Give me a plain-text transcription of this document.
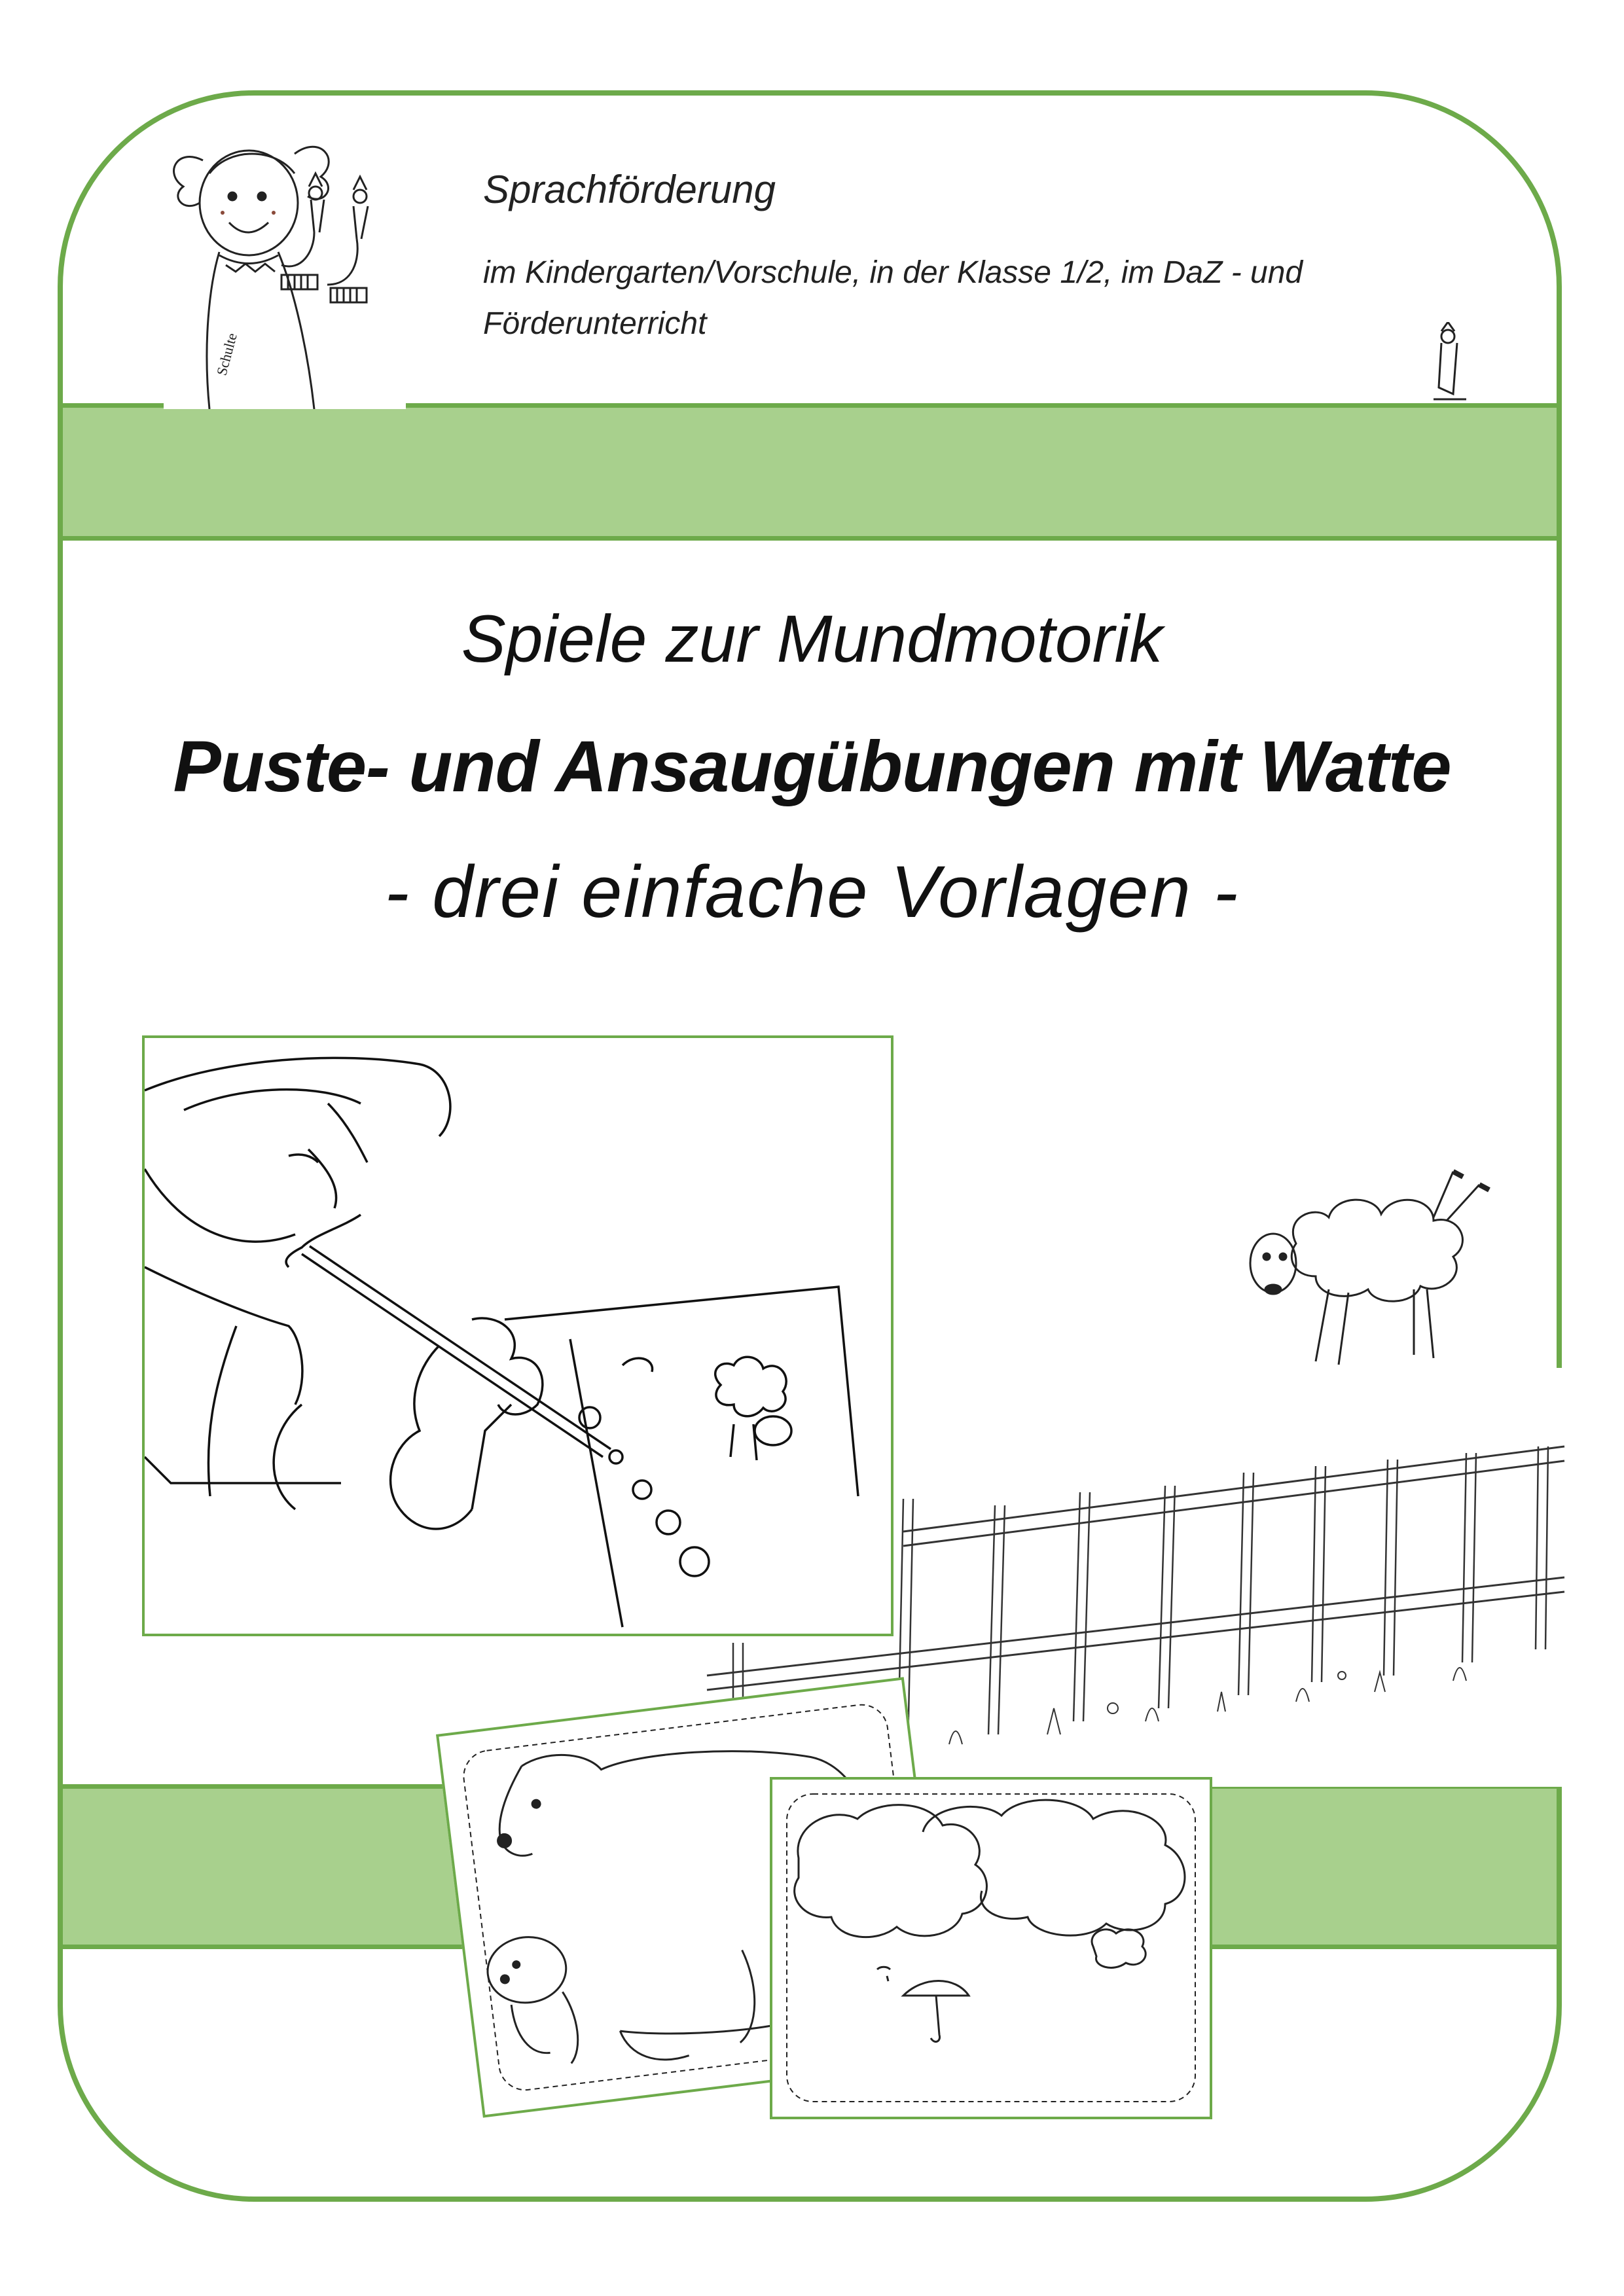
Schulte
Sprachförderung
im Kindergarten/Vorschule, in der Klasse 1/2, im DaZ - und Förderunterricht
Spiele zur Mundmotorik
Puste- und Ansaugübungen mit Watte
- drei einfache Vorlagen -
